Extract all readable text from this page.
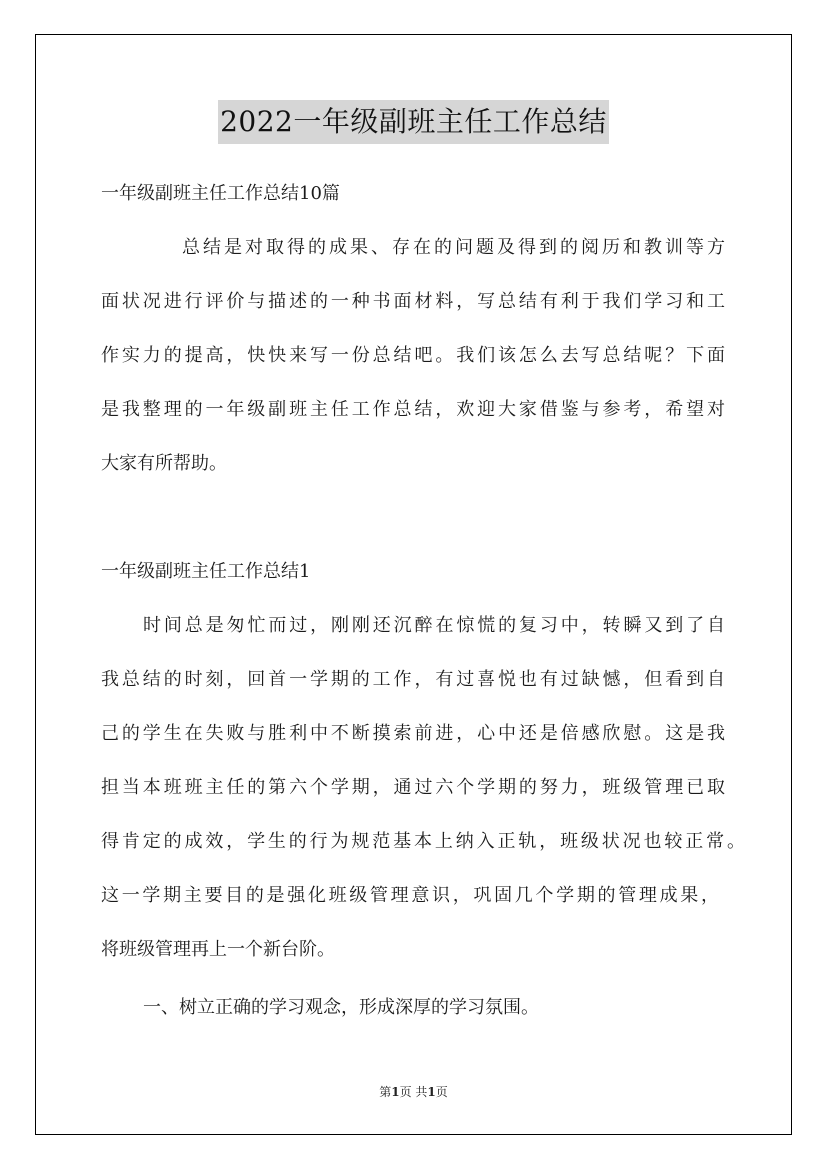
2022一年级副班主任工作总结
一年级副班主任工作总结10篇
总结是对取得的成果、存在的问题及得到的阅历和教训等方
面状况进行评价与描述的一种书面材料，写总结有利于我们学习和工
作实力的提高，快快来写一份总结吧。我们该怎么去写总结呢？下面
是我整理的一年级副班主任工作总结，欢迎大家借鉴与参考，希望对
大家有所帮助。
一年级副班主任工作总结1
时间总是匆忙而过，刚刚还沉醉在惊慌的复习中，转瞬又到了自
我总结的时刻，回首一学期的工作，有过喜悦也有过缺憾，但看到自
己的学生在失败与胜利中不断摸索前进，心中还是倍感欣慰。这是我
担当本班班主任的第六个学期，通过六个学期的努力，班级管理已取
得肯定的成效，学生的行为规范基本上纳入正轨，班级状况也较正常。
这一学期主要目的是强化班级管理意识，巩固几个学期的管理成果，
将班级管理再上一个新台阶。
一、树立正确的学习观念，形成深厚的学习氛围。
第1页 共1页
